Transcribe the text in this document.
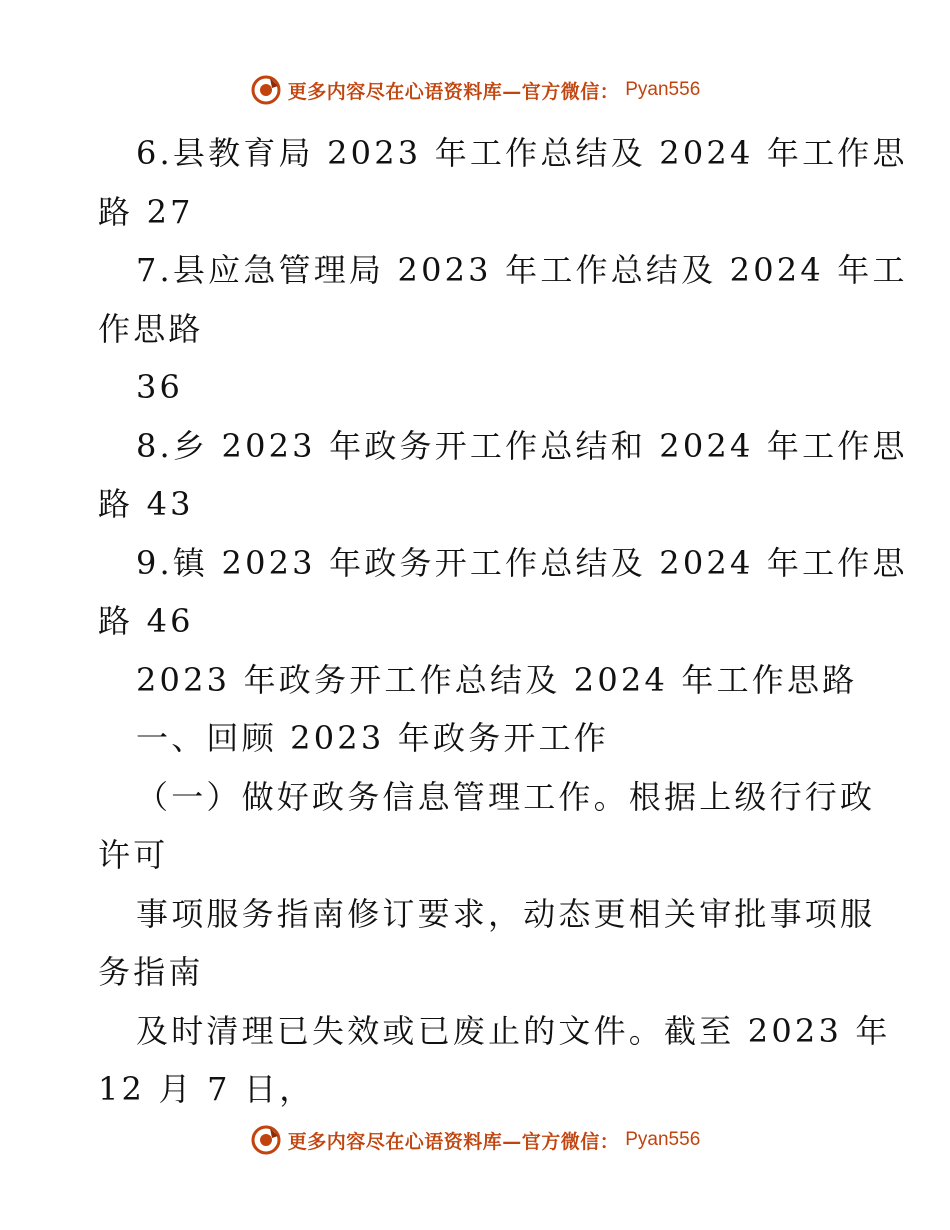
更多内容尽在心语资料库—官方微信： Pyan556
6.县教育局 2023 年工作总结及 2024 年工作思
路 27
7.县应急管理局 2023 年工作总结及 2024 年工
作思路
36
8.乡 2023 年政务开工作总结和 2024 年工作思
路 43
9.镇 2023 年政务开工作总结及 2024 年工作思
路 46
2023 年政务开工作总结及 2024 年工作思路
一、回顾 2023 年政务开工作
（一）做好政务信息管理工作。根据上级行行政
许可
事项服务指南修订要求，动态更相关审批事项服
务指南
及时清理已失效或已废止的文件。截至 2023 年
12 月 7 日，
更多内容尽在心语资料库—官方微信： Pyan556
